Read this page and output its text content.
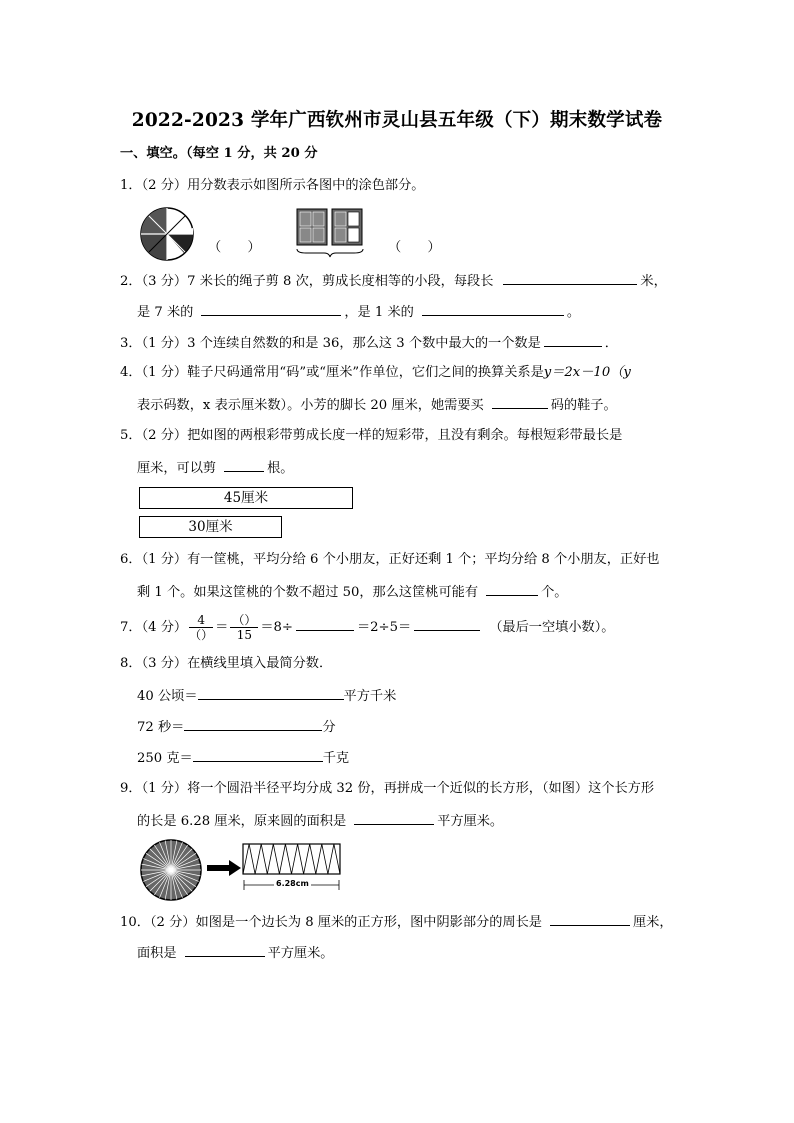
2022-2023 学年广西钦州市灵山县五年级（下）期末数学试卷
一、填空。（每空 1 分，共 20 分
1．（2 分）用分数表示如图所示各图中的涂色部分。
（　　）	（　　）
2．（3 分）7 米长的绳子剪 8 次，剪成长度相等的小段，每段长	米，
是 7 米的	，是 1 米的	。
3．（1 分）3 个连续自然数的和是 36，那么这 3 个数中最大的一个数是	．
4．（1 分）鞋子尺码通常用“码”或“厘米”作单位，它们之间的换算关系是y＝2x－10（y
表示码数，x 表示厘米数）。小芳的脚长 20 厘米，她需要买	码的鞋子。
5．（2 分）把如图的两根彩带剪成长度一样的短彩带，且没有剩余。每根短彩带最长是
厘米，可以剪	根。
45厘米
30厘米
6．（1 分）有一筐桃，平均分给 6 个小朋友，正好还剩 1 个；平均分给 8 个小朋友，正好也
剩 1 个。如果这筐桃的个数不超过 50，那么这筐桃可能有	个。
7．（4 分） $\frac{4}{()} = \frac{()}{15} =8\div$	＝2÷5＝	（最后一空填小数）。
8．（3 分）在横线里填入最简分数．
40 公顷＝	平方千米
72 秒＝	分
250 克＝	千克
9．（1 分）将一个圆沿半径平均分成 32 份，再拼成一个近似的长方形，（如图）这个长方形
的长是 6.28 厘米，原来圆的面积是	平方厘米。
6.28cm
10．（2 分）如图是一个边长为 8 厘米的正方形，图中阴影部分的周长是	厘米，
面积是	平方厘米。
